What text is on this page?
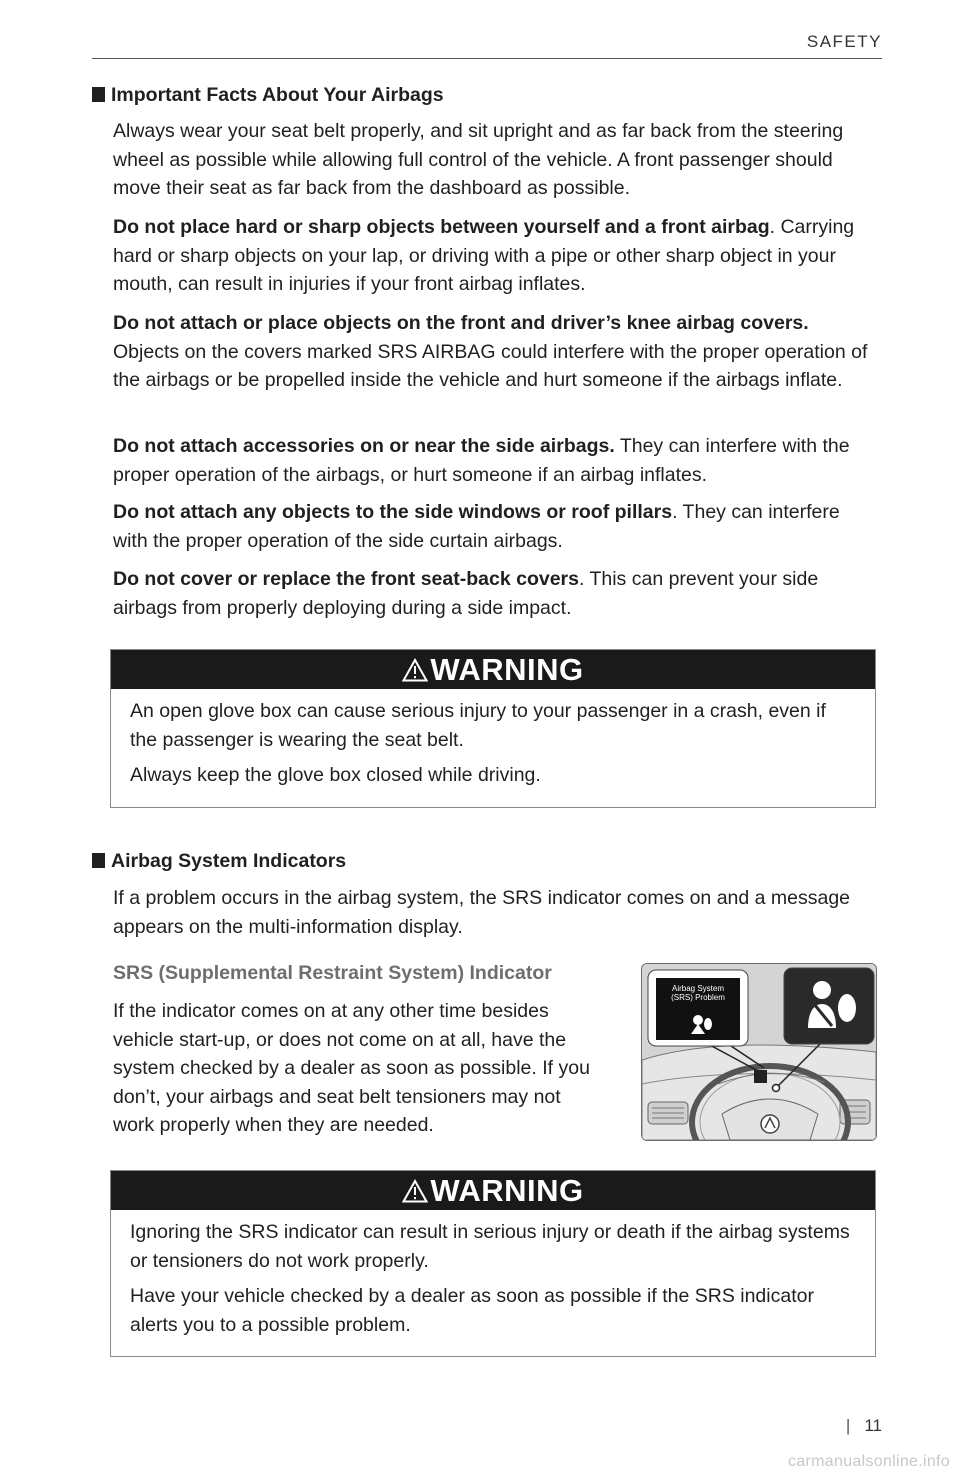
SAFETY
Important Facts About Your Airbags
Always wear your seat belt properly, and sit upright and as far back from the steering wheel as possible while allowing full control of the vehicle. A front passenger should move their seat as far back from the dashboard as possible.
Do not place hard or sharp objects between yourself and a front airbag. Carrying hard or sharp objects on your lap, or driving with a pipe or other sharp object in your mouth, can result in injuries if your front airbag inflates.
Do not attach or place objects on the front and driver’s knee airbag covers. Objects on the covers marked SRS AIRBAG could interfere with the proper operation of the airbags or be propelled inside the vehicle and hurt someone if the airbags inflate.
Do not attach accessories on or near the side airbags. They can interfere with the proper operation of the airbags, or hurt someone if an airbag inflates.
Do not attach any objects to the side windows or roof pillars. They can interfere with the proper operation of the side curtain airbags.
Do not cover or replace the front seat-back covers. This can prevent your side airbags from properly deploying during a side impact.
WARNING

An open glove box can cause serious injury to your passenger in a crash, even if the passenger is wearing the seat belt.

Always keep the glove box closed while driving.

Airbag System Indicators
If a problem occurs in the airbag system, the SRS indicator comes on and a message appears on the multi-information display.
SRS (Supplemental Restraint System) Indicator
If the indicator comes on at any other time besides vehicle start-up, or does not come on at all, have the system checked by a dealer as soon as possible. If you don’t, your airbags and seat belt tensioners may not work properly when they are needed.
Airbag System
(SRS) Problem
WARNING

Ignoring the SRS indicator can result in serious injury or death if the airbag systems or tensioners do not work properly.

Have your vehicle checked by a dealer as soon as possible if the SRS indicator alerts you to a possible problem.

| 11
carmanualsonline.info
